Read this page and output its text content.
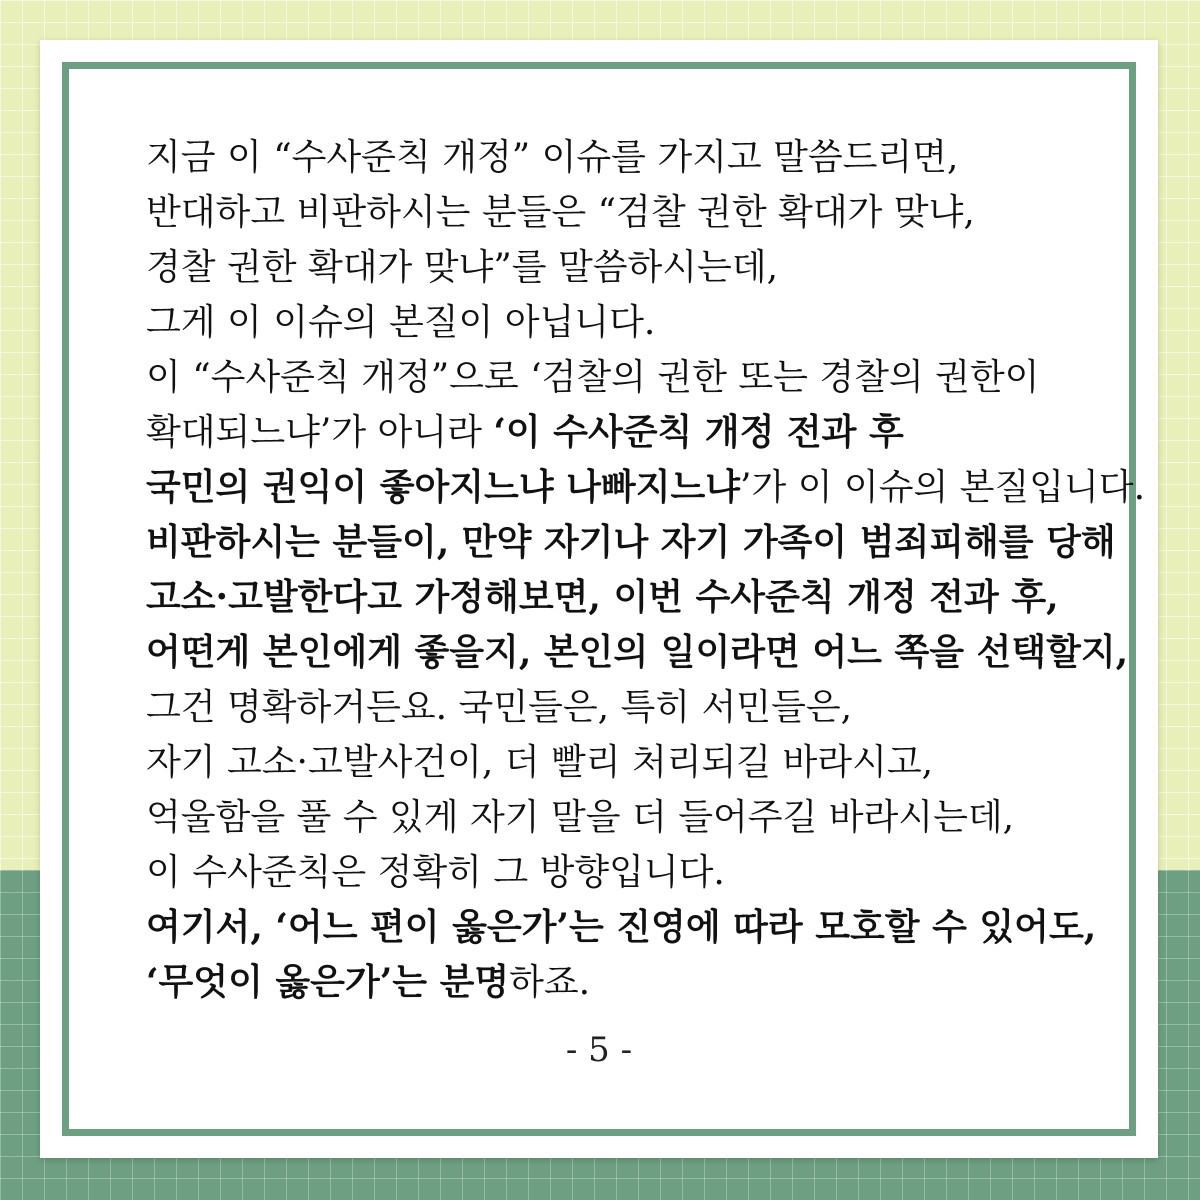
지금 이 “수사준칙 개정” 이슈를 가지고 말씀드리면,
반대하고 비판하시는 분들은 “검찰 권한 확대가 맞냐,
경찰 권한 확대가 맞냐”를 말씀하시는데,
그게 이 이슈의 본질이 아닙니다.
이 “수사준칙 개정”으로 ‘검찰의 권한 또는 경찰의 권한이
확대되느냐’가 아니라 ‘이 수사준칙 개정 전과 후
국민의 권익이 좋아지느냐 나빠지느냐’가 이 이슈의 본질입니다.
비판하시는 분들이, 만약 자기나 자기 가족이 범죄피해를 당해
고소·고발한다고 가정해보면, 이번 수사준칙 개정 전과 후,
어떤게 본인에게 좋을지, 본인의 일이라면 어느 쪽을 선택할지,
그건 명확하거든요. 국민들은, 특히 서민들은,
자기 고소·고발사건이, 더 빨리 처리되길 바라시고,
억울함을 풀 수 있게 자기 말을 더 들어주길 바라시는데,
이 수사준칙은 정확히 그 방향입니다.
여기서, ‘어느 편이 옳은가’는 진영에 따라 모호할 수 있어도,
‘무엇이 옳은가’는 분명하죠.
- 5 -
